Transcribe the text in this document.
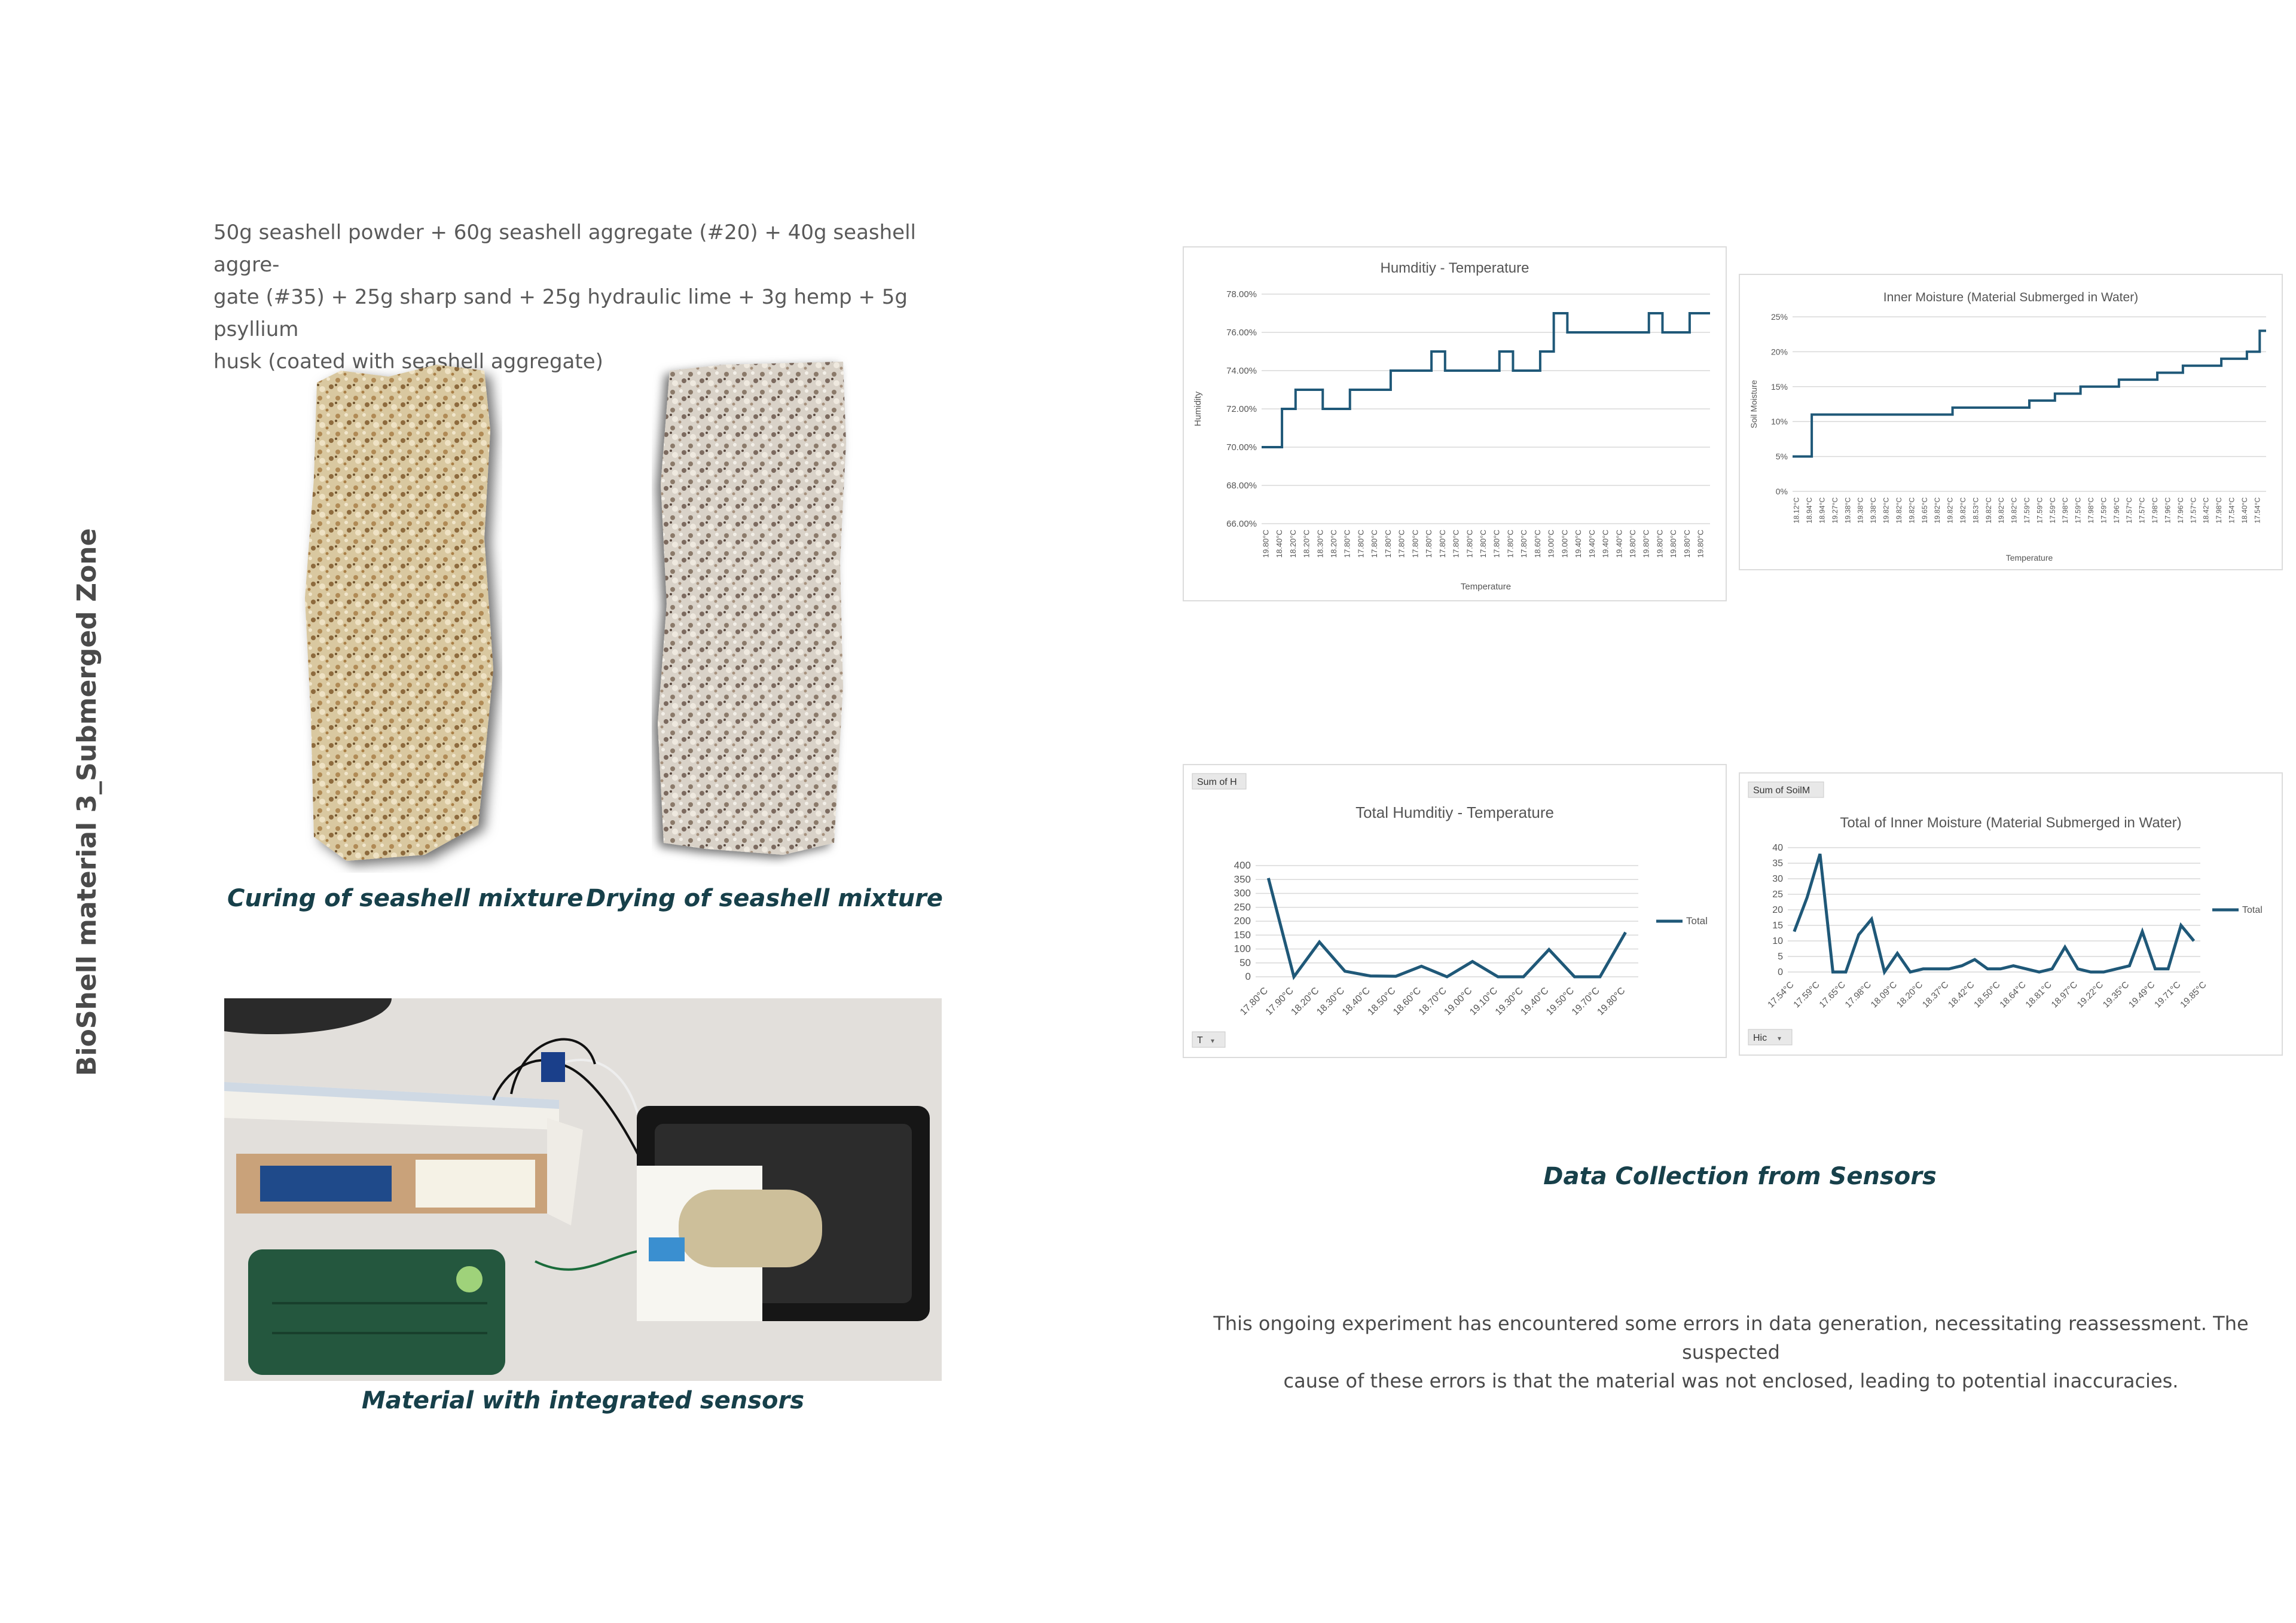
BioShell material 3_Submerged Zone
50g seashell powder + 60g seashell aggregate (#20) + 40g seashell aggre-
gate (#35) + 25g sharp sand + 25g hydraulic lime + 3g hemp + 5g psyllium
husk (coated with seashell aggregate)
Curing of seashell mixture Drying of seashell mixture
Material with integrated sensors
Humditiy - Temperature
66.00%
68.00%
70.00%
72.00%
74.00%
76.00%
78.00%
19.80°C 18.40°C 18.20°C 18.20°C 18.30°C 18.20°C 17.80°C 17.80°C 17.80°C 17.80°C 17.80°C 17.80°C 17.80°C 17.80°C 17.80°C 17.80°C 17.80°C 17.80°C 17.80°C 17.80°C 18.60°C 19.00°C 19.00°C 19.40°C 19.40°C 19.40°C 19.40°C 19.80°C 19.80°C 19.80°C 19.80°C 19.80°C 19.80°C
Temperature
Humidity
Inner Moisture (Material Submerged in Water)
0%
5%
10%
15%
20%
25%
18.12°C 18.94°C 18.94°C 19.27°C 19.38°C 19.38°C 19.38°C 19.82°C 19.82°C 19.82°C 19.65°C 19.82°C 19.82°C 19.82°C 18.53°C 19.82°C 19.82°C 19.82°C 17.59°C 17.59°C 17.59°C 17.98°C 17.59°C 17.98°C 17.59°C 17.96°C 17.57°C 17.57°C 17.98°C 17.96°C 17.96°C 17.57°C 18.42°C 17.98°C 17.54°C 18.40°C 17.54°C
Temperature
Soil Moisture
Total Humditiy - Temperature
0
50
100
150
200
250
300
350
400
17.80°C
17.90°C
18.20°C
18.30°C
18.40°C
18.50°C
18.60°C
18.70°C
19.00°C
19.10°C
19.30°C
19.40°C
19.50°C
19.70°C
19.80°C
Total
Sum of H
T ▾
Total of Inner Moisture (Material Submerged in Water)
0
5
10
15
20
25
30
35
40
17.54°C
17.59°C
17.65°C
17.98°C
18.09°C
18.20°C
18.37°C
18.42°C
18.50°C
18.64°C
18.81°C
18.97°C
19.22°C
19.35°C
19.49°C
19.71°C
19.85°C
Total
Sum of SoilM
Hic ▾
Data Collection from Sensors
This ongoing experiment has encountered some errors in data generation, necessitating reassessment. The suspected
cause of these errors is that the material was not enclosed, leading to potential inaccuracies.
